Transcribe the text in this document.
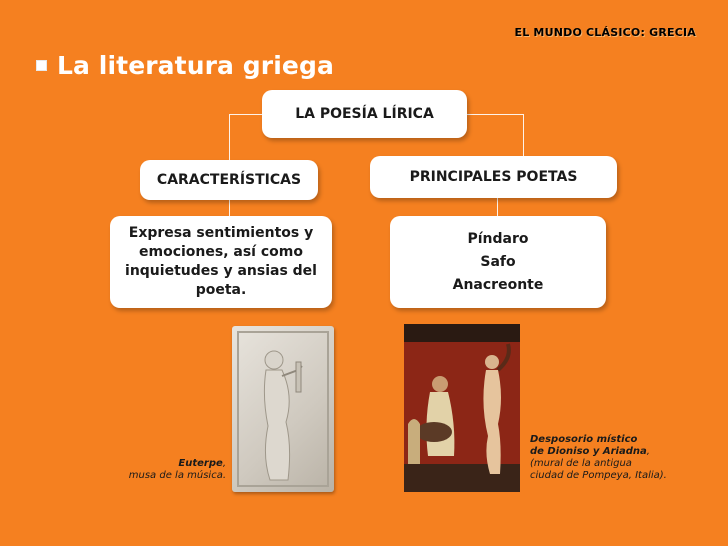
EL MUNDO CLÁSICO: GRECIA
La literatura griega
LA POESÍA LÍRICA
CARACTERÍSTICAS	PRINCIPALES POETAS
Expresa sentimientos y emociones, así como inquietudes y ansias del poeta.
Píndaro
Safo
Anacreonte
Euterpe,
musa de la música.
Desposorio místico
de Dioniso y Ariadna,
(mural de la antigua
ciudad de Pompeya, Italia).
